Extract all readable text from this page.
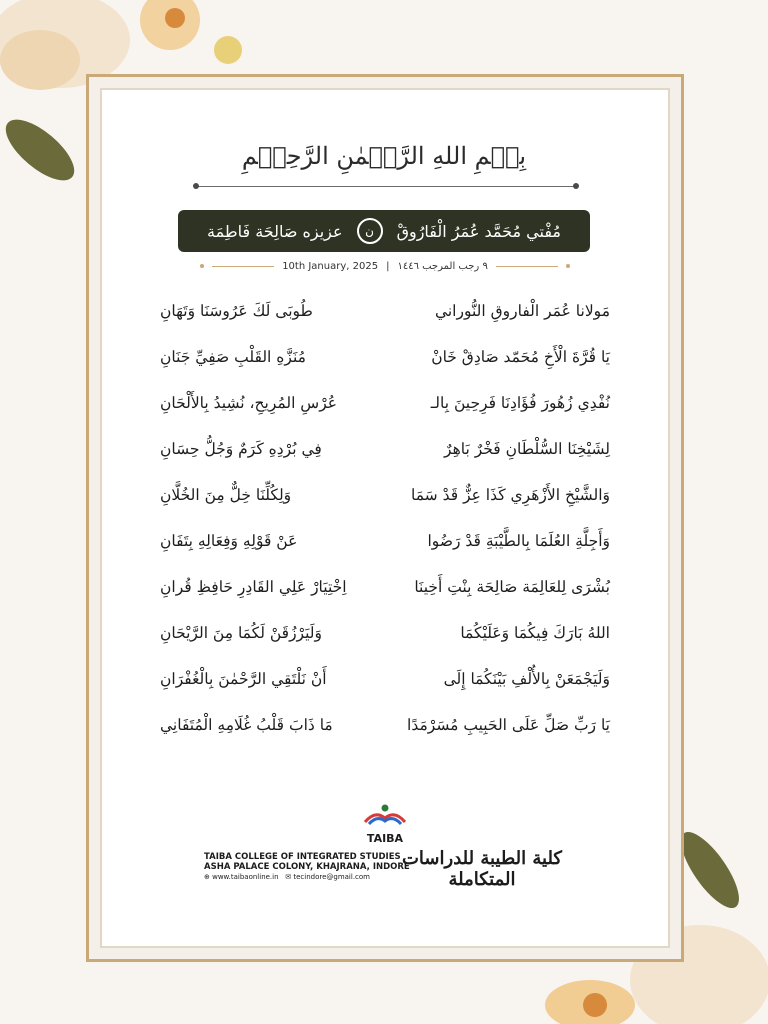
بِسۡمِ اللهِ الرَّحۡمٰنِ الرَّحِيۡمِ
مُفْتي مُحَمَّد عُمَرُ الْفَارُوقْ
ن
عزيزه صَالِحَة فَاطِمَة
10th January, 2025 | ٩ رجب المرجب ١٤٤٦
مَولانا عُمَر الْفاروقِ النُّوراني
طُوبَى لَكَ عَرُوسَنَا وَتَهَانِ
يَا قُرَّةَ الْأَخِ مُحَمّد صَادِقْ خَانْ
مُنَزَّهِ القَلْبِ صَفِيِّ جَنَانِ
نُفْدِي زُهُورَ فُؤَادِنَا فَرِحِينَ بِالـ
عُرْسِ المُرِيحِ، نُشِيدُ بِالأَلْحَانِ
لِشَيْخِنَا السُّلْطَانِ فَخْرٌ بَاهِرٌ
فِي بُرْدِهِ كَرَمٌ وَجُلُّ حِسَانِ
وَالشَّيْخِ الأَزْهَرِي كَذَا عِزٌّ قَدْ سَمَا
وَلِكُلِّنَا خِلٌّ مِنَ الخُلَّانِ
وَأَجِلَّةِ العُلَمَا بِالطَّيْبَةِ قَدْ رَضُوا
عَنْ قَوْلِهِ وَفِعَالِهِ بِتَفَانِ
بُشْرَى لِلعَالِمَة صَالِحَة بِنْتِ أَخِينَا
اِخْتِيَارْ عَلِي القَادِرِ حَافِظِ قُرانِ
اللهُ بَارَكَ فِيكُمَا وَعَلَيْكُمَا
وَلَيَرْزُقَنْ لَكُمَا مِنَ الرَّيْحَانِ
وَلَيَجْمَعَنْ بِالأُلْفِ بَيْنَكُمَا إِلَى
أَنْ نَلْتَقِي الرَّحْمٰنَ بِالْغُفْرَانِ
يَا رَبِّ صَلِّ عَلَى الحَبِيبِ مُسَرْمَدًا
مَا ذَابَ قَلْبُ غُلَامِهِ الْمُتَفَانِي
TAIBA
TAIBA COLLEGE OF INTEGRATED STUDIES
ASHA PALACE COLONY, KHAJRANA, INDORE
⊕ www.taibaonline.in ✉ tecindore@gmail.com
كلية الطيبة للدراسات المتكاملة
